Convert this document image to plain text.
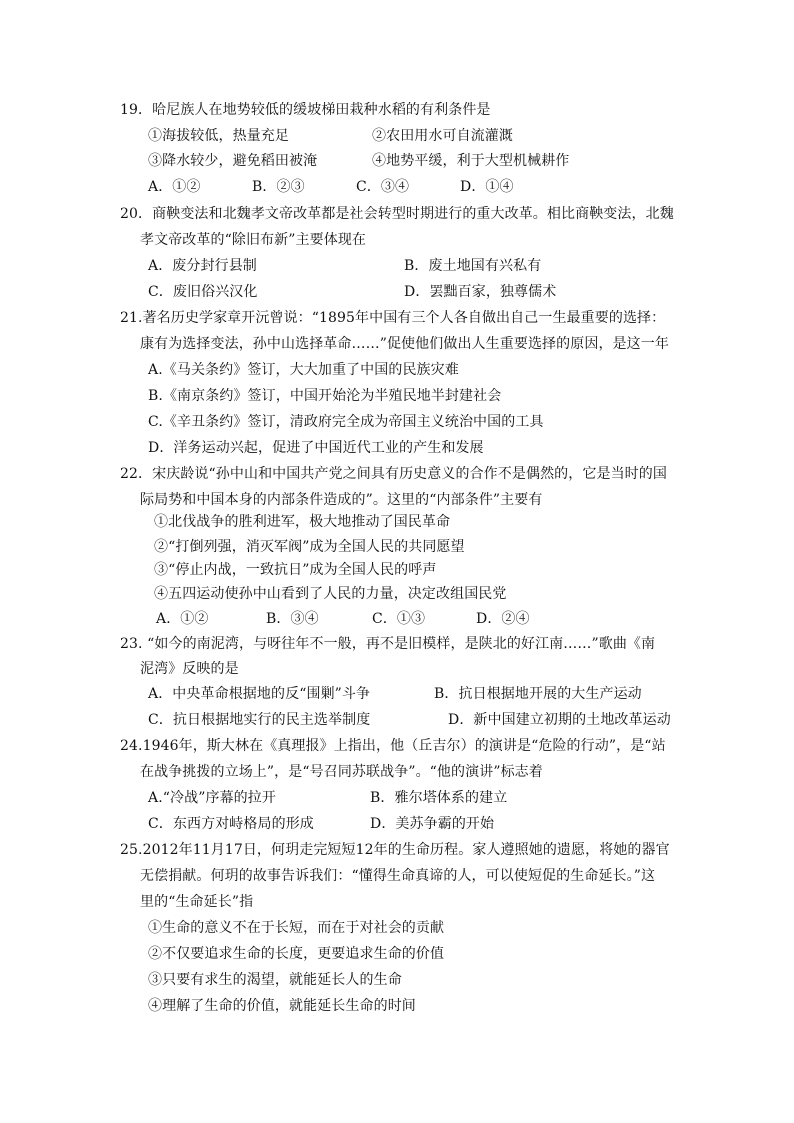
19．哈尼族人在地势较低的缓坡梯田栽种水稻的有利条件是
①海拔较低，热量充足	②农田用水可自流灌溉
③降水较少，避免稻田被淹	④地势平缓，利于大型机械耕作
A．①②	B．②③	C．③④	D．①④
20．商鞅变法和北魏孝文帝改革都是社会转型时期进行的重大改革。相比商鞅变法，北魏
孝文帝改革的“除旧布新”主要体现在
A．废分封行县制	B．废土地国有兴私有
C．废旧俗兴汉化	D．罢黜百家，独尊儒术
21.著名历史学家章开沅曾说：“1895年中国有三个人各自做出自己一生最重要的选择：
康有为选择变法，孙中山选择革命……”促使他们做出人生重要选择的原因，是这一年
A.《马关条约》签订，大大加重了中国的民族灾难
B.《南京条约》签订，中国开始沦为半殖民地半封建社会
C.《辛丑条约》签订，清政府完全成为帝国主义统治中国的工具
D．洋务运动兴起，促进了中国近代工业的产生和发展
22．宋庆龄说“孙中山和中国共产党之间具有历史意义的合作不是偶然的，它是当时的国
际局势和中国本身的内部条件造成的”。这里的“内部条件”主要有
①北伐战争的胜利进军，极大地推动了国民革命
②“打倒列强，消灭军阀”成为全国人民的共同愿望
③“停止内战，一致抗日”成为全国人民的呼声
④五四运动使孙中山看到了人民的力量，决定改组国民党
A．①②	B．③④	C．①③	D．②④
23. “如今的南泥湾，与呀往年不一般，再不是旧模样，是陕北的好江南……”歌曲《南
泥湾》反映的是
A．中央革命根据地的反“围剿”斗争	B．抗日根据地开展的大生产运动
C．抗日根据地实行的民主选举制度	D．新中国建立初期的土地改革运动
24.1946年，斯大林在《真理报》上指出，他（丘吉尔）的演讲是“危险的行动”，是“站
在战争挑拨的立场上”，是“号召同苏联战争”。“他的演讲”标志着
A.“冷战”序幕的拉开	B．雅尔塔体系的建立
C．东西方对峙格局的形成	D．美苏争霸的开始
25.2012年11月17日，何玥走完短短12年的生命历程。家人遵照她的遗愿，将她的器官
无偿捐献。何玥的故事告诉我们：“懂得生命真谛的人，可以使短促的生命延长。”这
里的“生命延长”指
①生命的意义不在于长短，而在于对社会的贡献
②不仅要追求生命的长度，更要追求生命的价值
③只要有求生的渴望，就能延长人的生命
④理解了生命的价值，就能延长生命的时间
